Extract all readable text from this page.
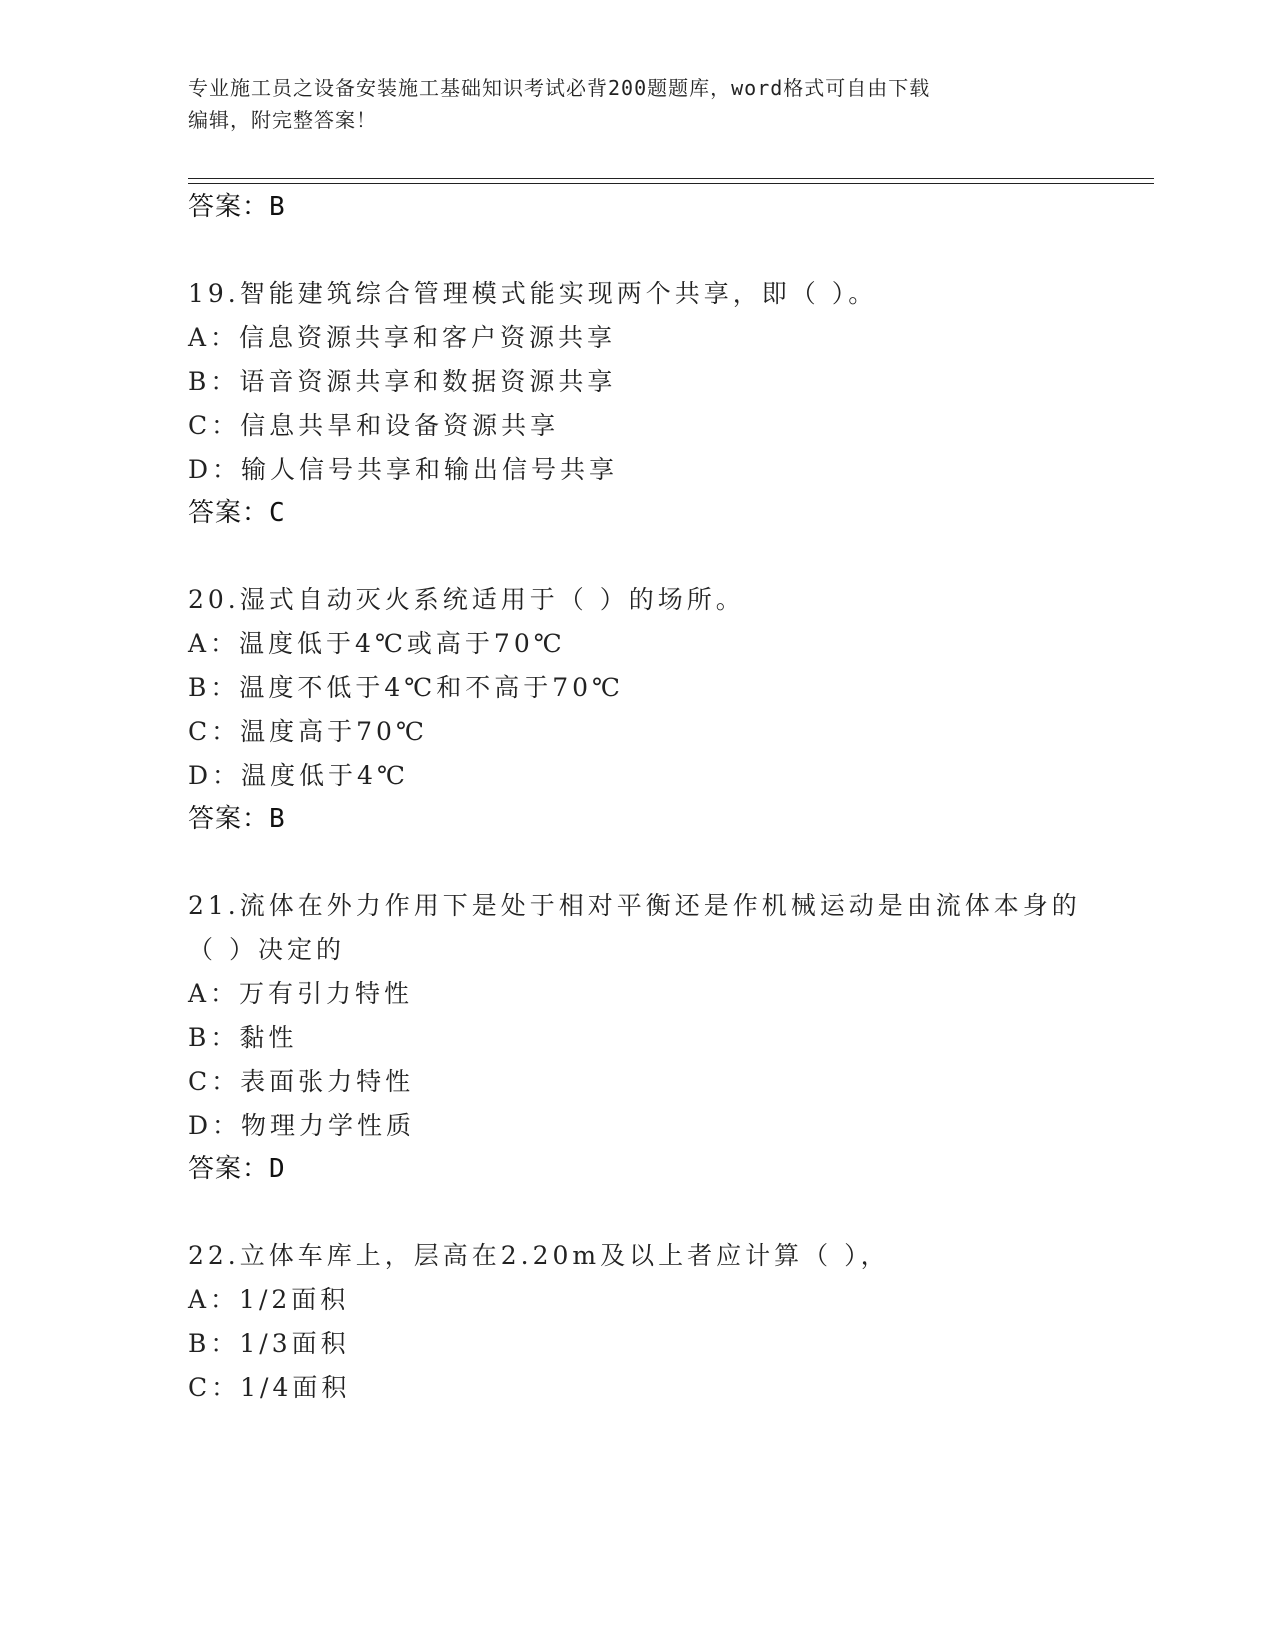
专业施工员之设备安装施工基础知识考试必背200题题库，word格式可自由下载
编辑，附完整答案！
答案：B
19.智能建筑综合管理模式能实现两个共享，即（ ）。
A：信息资源共享和客户资源共享
B：语音资源共享和数据资源共享
C：信息共旱和设备资源共享
D：输人信号共享和输出信号共享
答案：C
20.湿式自动灭火系统适用于（ ）的场所。
A：温度低于4℃或高于70℃
B：温度不低于4℃和不高于70℃
C：温度高于70℃
D：温度低于4℃
答案：B
21.流体在外力作用下是处于相对平衡还是作机械运动是由流体本身的
（ ）决定的
A：万有引力特性
B：黏性
C：表面张力特性
D：物理力学性质
答案：D
22.立体车库上，层高在2.20m及以上者应计算（ ），
A：1/2面积
B：1/3面积
C：1/4面积
